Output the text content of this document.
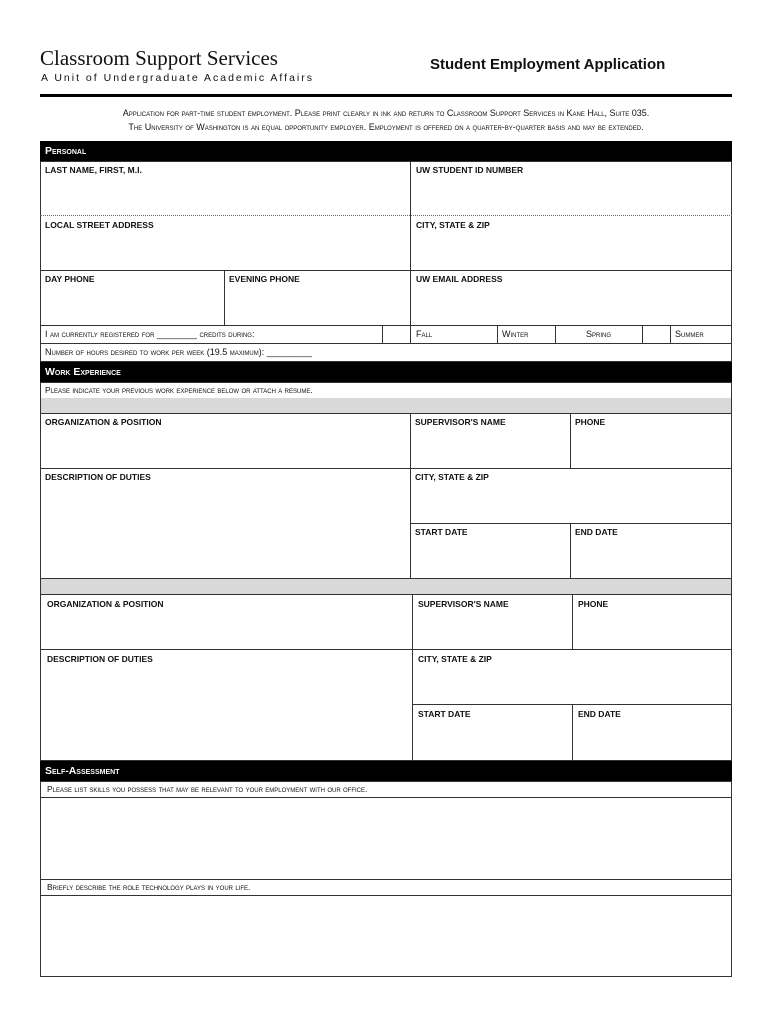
Classroom Support Services
A Unit of Undergraduate Academic Affairs
Student Employment Application
Application for part-time student employment. Please print clearly in ink and return to Classroom Support Services in Kane Hall, Suite 035.
The University of Washington is an equal opportunity employer. Employment is offered on a quarter-by-quarter basis and may be extended.
Personal
LAST NAME, FIRST, M.I.	UW STUDENT ID NUMBER
LOCAL STREET ADDRESS	CITY, STATE & ZIP
DAY PHONE	EVENING PHONE	UW EMAIL ADDRESS
I am currently registered for ________ credits during:	Fall	Winter	Spring	Summer
Number of hours desired to work per week (19.5 maximum): _________
Work Experience
Please indicate your previous work experience below or attach a resume.
ORGANIZATION & POSITION	SUPERVISOR'S NAME	PHONE
DESCRIPTION OF DUTIES	CITY, STATE & ZIP
START DATE	END DATE
ORGANIZATION & POSITION	SUPERVISOR'S NAME	PHONE
DESCRIPTION OF DUTIES	CITY, STATE & ZIP
START DATE	END DATE
Self-Assessment
Please list skills you possess that may be relevant to your employment with our office.
Briefly describe the role technology plays in your life.
